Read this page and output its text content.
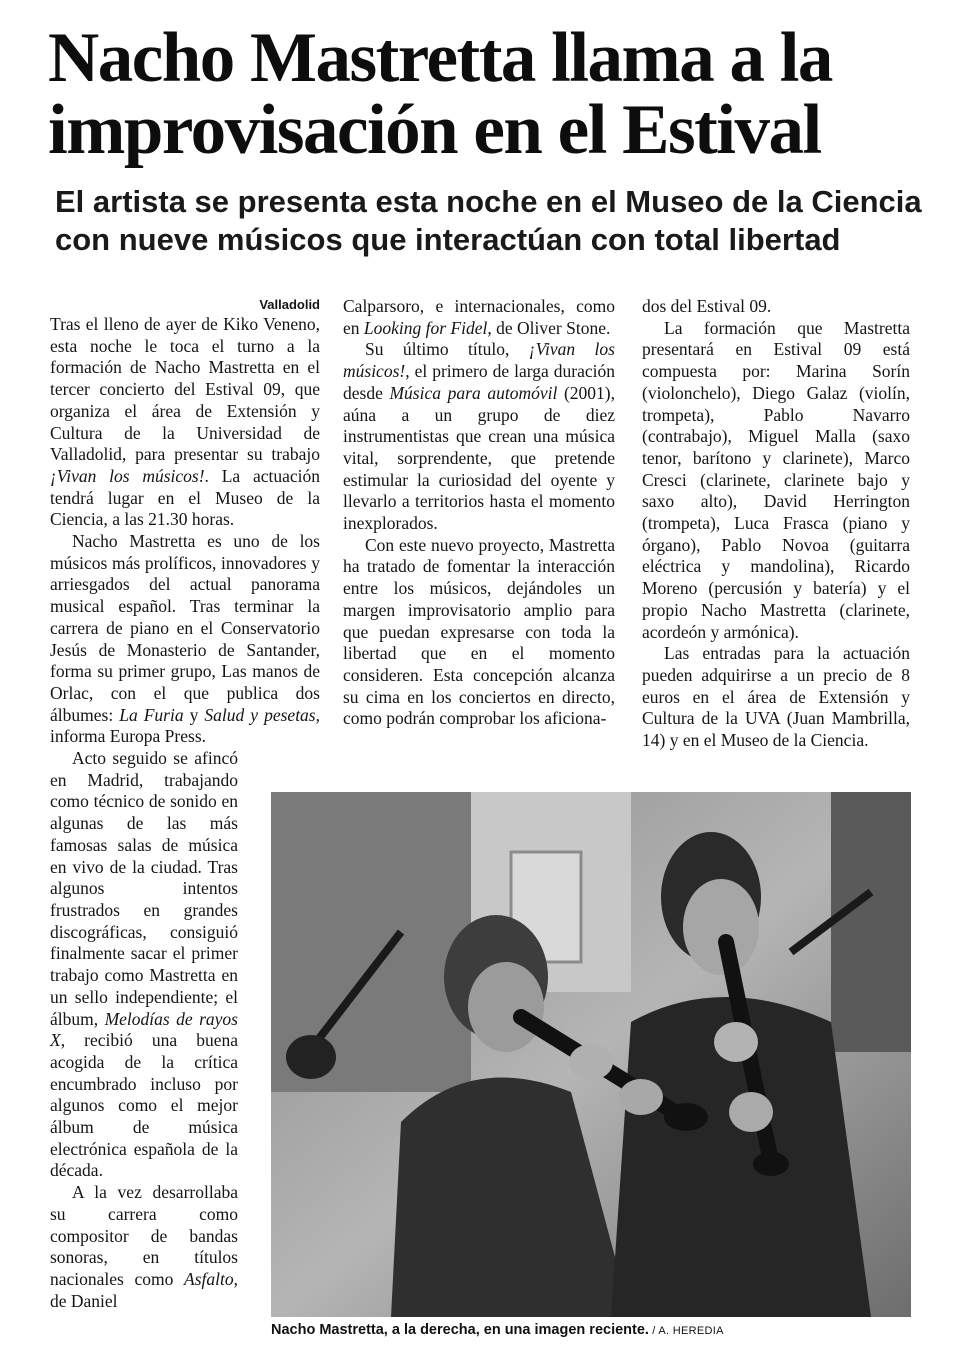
Nacho Mastretta llama a la
improvisación en el Estival
El artista se presenta esta noche en el Museo de la Ciencia
con nueve músicos que interactúan con total libertad
Valladolid

Tras el lleno de ayer de Kiko Veneno, esta noche le toca el turno a la formación de Nacho Mastretta en el tercer concierto del Estival 09, que organiza el área de Extensión y Cultura de la Universidad de Valladolid, para presentar su trabajo ¡Vivan los músicos!. La actuación tendrá lugar en el Museo de la Ciencia, a las 21.30 horas.

Nacho Mastretta es uno de los músicos más prolíficos, innovadores y arriesgados del actual panorama musical español. Tras terminar la carrera de piano en el Conservatorio Jesús de Monasterio de Santander, forma su primer grupo, Las manos de Orlac, con el que publica dos álbumes: La Furia y Salud y pesetas, informa Europa Press.

Acto seguido se afincó en Madrid, trabajando como técnico de sonido en algunas de las más famosas salas de música en vivo de la ciudad. Tras algunos intentos frustrados en grandes discográficas, consiguió finalmente sacar el primer trabajo como Mastretta en un sello independiente; el álbum, Melodías de rayos X, recibió una buena acogida de la crítica encumbrado incluso por algunos como el mejor álbum de música electrónica española de la década.

A la vez desarrollaba su carrera como compositor de bandas sonoras, en títulos nacionales como Asfalto, de Daniel

Calparsoro, e internacionales, como en Looking for Fidel, de Oliver Stone.

Su último título, ¡Vivan los músicos!, el primero de larga duración desde Música para automóvil (2001), aúna a un grupo de diez instrumentistas que crean una música vital, sorprendente, que pretende estimular la curiosidad del oyente y llevarlo a territorios hasta el momento inexplorados.

Con este nuevo proyecto, Mastretta ha tratado de fomentar la interacción entre los músicos, dejándoles un margen improvisatorio amplio para que puedan expresarse con toda la libertad que en el momento consideren. Esta concepción alcanza su cima en los conciertos en directo, como podrán comprobar los aficiona-

dos del Estival 09.

La formación que Mastretta presentará en Estival 09 está compuesta por: Marina Sorín (violonchelo), Diego Galaz (violín, trompeta), Pablo Navarro (contrabajo), Miguel Malla (saxo tenor, barítono y clarinete), Marco Cresci (clarinete, clarinete bajo y saxo alto), David Herrington (trompeta), Luca Frasca (piano y órgano), Pablo Novoa (guitarra eléctrica y mandolina), Ricardo Moreno (percusión y batería) y el propio Nacho Mastretta (clarinete, acordeón y armónica).

Las entradas para la actuación pueden adquirirse a un precio de 8 euros en el área de Extensión y Cultura de la UVA (Juan Mambrilla, 14) y en el Museo de la Ciencia.

Nacho Mastretta, a la derecha, en una imagen reciente. / A. HEREDIA
